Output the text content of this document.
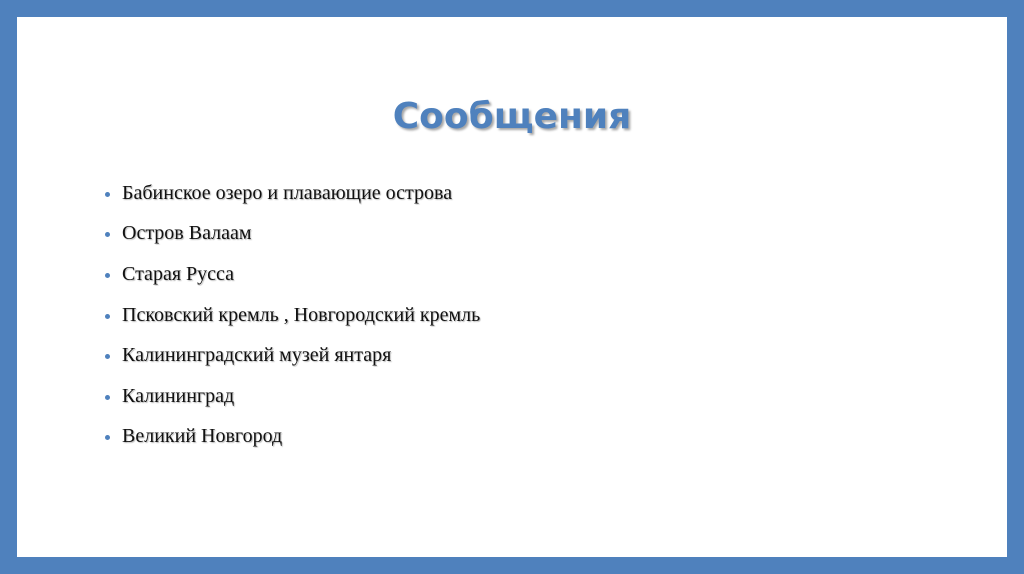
Сообщения
Бабинское озеро и плавающие острова
Остров Валаам
Старая Русса
Псковский кремль , Новгородский кремль
Калининградский музей янтаря
Калининград
Великий Новгород
